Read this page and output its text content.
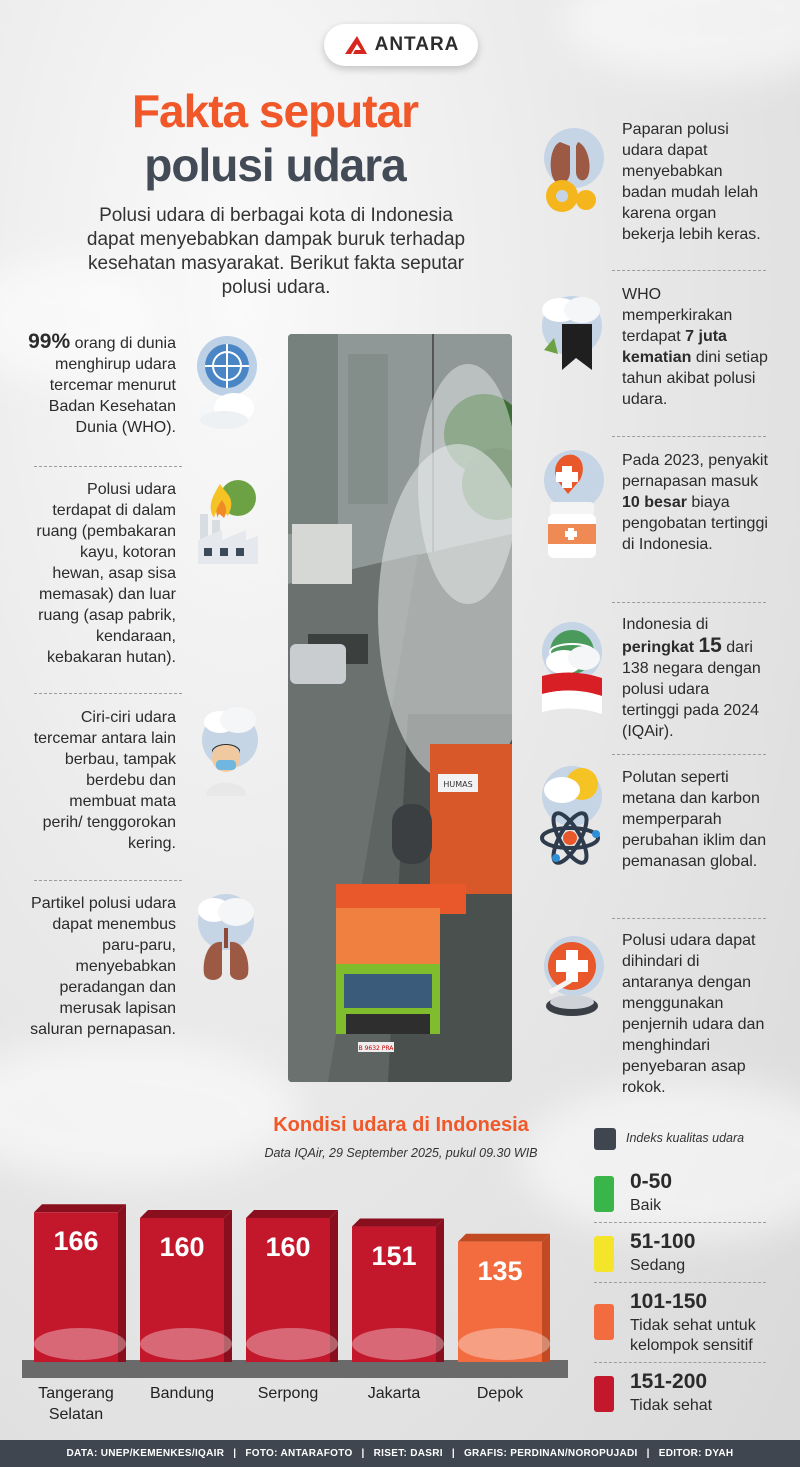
ANTARA
Fakta seputar
polusi udara
Polusi udara di berbagai kota di Indonesia dapat menyebabkan dampak buruk terhadap kesehatan masyarakat. Berikut fakta seputar polusi udara.
99% orang di dunia menghirup udara tercemar menurut Badan Kesehatan Dunia (WHO).
Polusi udara terdapat di dalam ruang (pembakaran kayu, kotoran hewan, asap sisa memasak) dan luar ruang (asap pabrik, kendaraan, kebakaran hutan).
Ciri-ciri udara tercemar antara lain berbau, tampak berdebu dan membuat mata perih/ tenggorokan kering.
Partikel polusi udara dapat menembus paru-paru, menyebabkan peradangan dan merusak lapisan saluran pernapasan.
HUMAS
B 9632 PRA
Paparan polusi udara dapat menyebabkan badan mudah lelah karena organ bekerja lebih keras.
WHO memperkirakan terdapat 7 juta kematian dini setiap tahun akibat polusi udara.
Pada 2023, penyakit pernapasan masuk 10 besar biaya pengobatan tertinggi di Indonesia.
Indonesia di peringkat 15 dari 138 negara dengan polusi udara tertinggi pada 2024 (IQAir).
Polutan seperti metana dan karbon memperparah perubahan iklim dan pemanasan global.
Polusi udara dapat dihindari di antaranya dengan menggunakan penjernih udara dan menghindari penyebaran asap rokok.
Kondisi udara di Indonesia
Data IQAir, 29 September 2025, pukul 09.30 WIB
166	160	160	151
135
Tangerang
Selatan
Bandung	Serpong	Jakarta	Depok
Indeks kualitas udara
0-50
Baik
51-100
Sedang
101-150
Tidak sehat untuk kelompok sensitif
151-200
Tidak sehat
DATA: UNEP/KEMENKES/IQAIR | FOTO: ANTARAFOTO | RISET: DASRI | GRAFIS: PERDINAN/NOROPUJADI | EDITOR: DYAH
